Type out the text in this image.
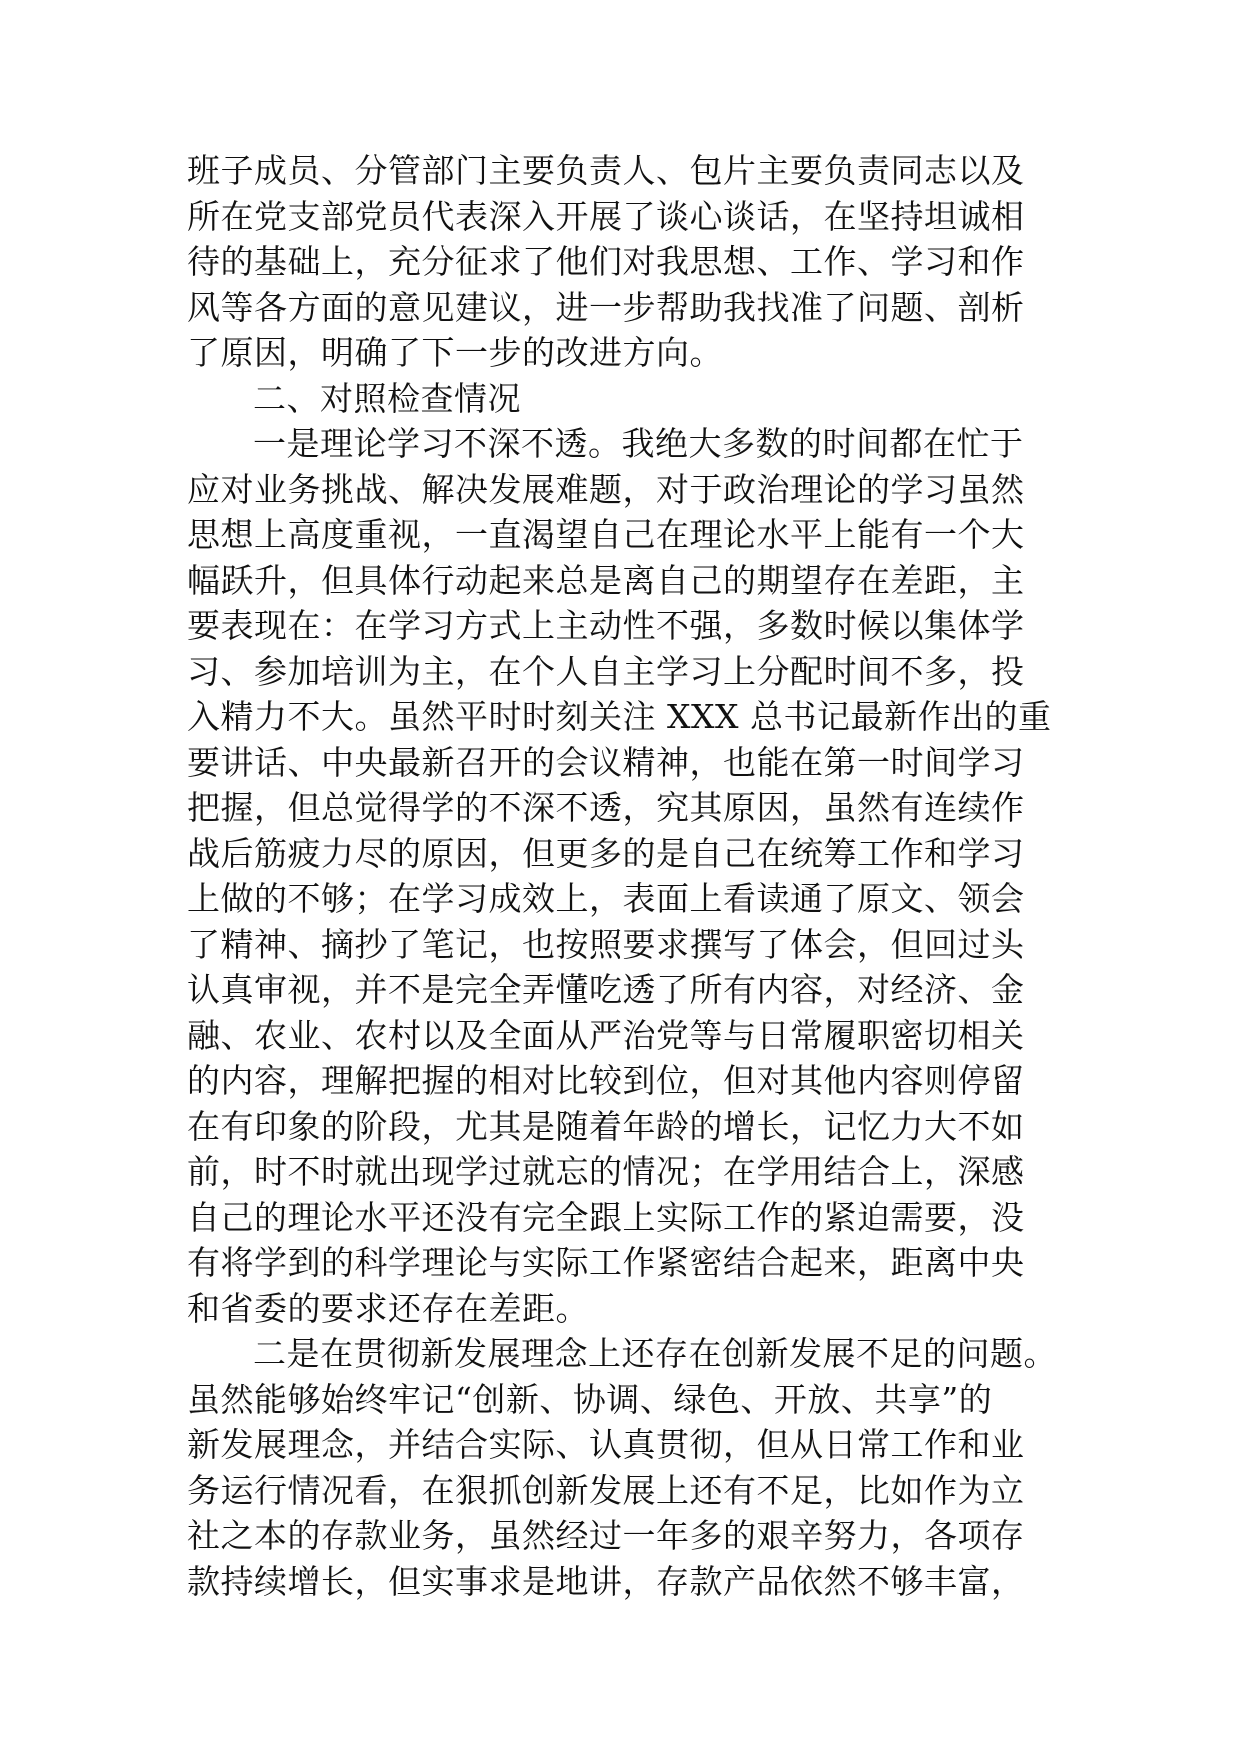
班子成员、分管部门主要负责人、包片主要负责同志以及
所在党支部党员代表深入开展了谈心谈话，在坚持坦诚相
待的基础上，充分征求了他们对我思想、工作、学习和作
风等各方面的意见建议，进一步帮助我找准了问题、剖析
了原因，明确了下一步的改进方向。
二、对照检查情况
一是理论学习不深不透。我绝大多数的时间都在忙于
应对业务挑战、解决发展难题，对于政治理论的学习虽然
思想上高度重视，一直渴望自己在理论水平上能有一个大
幅跃升，但具体行动起来总是离自己的期望存在差距，主
要表现在：在学习方式上主动性不强，多数时候以集体学
习、参加培训为主，在个人自主学习上分配时间不多，投
入精力不大。虽然平时时刻关注 XXX 总书记最新作出的重
要讲话、中央最新召开的会议精神，也能在第一时间学习
把握，但总觉得学的不深不透，究其原因，虽然有连续作
战后筋疲力尽的原因，但更多的是自己在统筹工作和学习
上做的不够；在学习成效上，表面上看读通了原文、领会
了精神、摘抄了笔记，也按照要求撰写了体会，但回过头
认真审视，并不是完全弄懂吃透了所有内容，对经济、金
融、农业、农村以及全面从严治党等与日常履职密切相关
的内容，理解把握的相对比较到位，但对其他内容则停留
在有印象的阶段，尤其是随着年龄的增长，记忆力大不如
前，时不时就出现学过就忘的情况；在学用结合上，深感
自己的理论水平还没有完全跟上实际工作的紧迫需要，没
有将学到的科学理论与实际工作紧密结合起来，距离中央
和省委的要求还存在差距。
二是在贯彻新发展理念上还存在创新发展不足的问题。
虽然能够始终牢记“创新、协调、绿色、开放、共享”的
新发展理念，并结合实际、认真贯彻，但从日常工作和业
务运行情况看，在狠抓创新发展上还有不足，比如作为立
社之本的存款业务，虽然经过一年多的艰辛努力，各项存
款持续增长，但实事求是地讲，存款产品依然不够丰富，
